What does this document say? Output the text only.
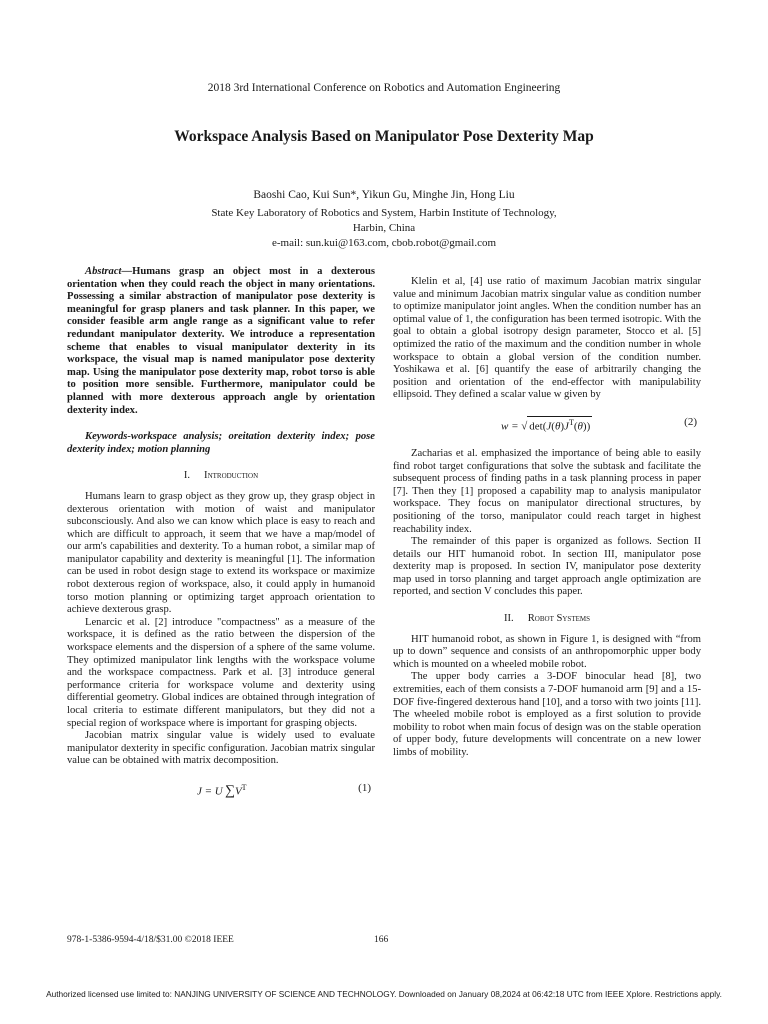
2018 3rd International Conference on Robotics and Automation Engineering
Workspace Analysis Based on Manipulator Pose Dexterity Map
Baoshi Cao, Kui Sun*, Yikun Gu, Minghe Jin, Hong Liu
State Key Laboratory of Robotics and System, Harbin Institute of Technology,
Harbin, China
e-mail: sun.kui@163.com, cbob.robot@gmail.com

Abstract—Humans grasp an object most in a dexterous orientation when they could reach the object in many orientations. Possessing a similar abstraction of manipulator pose dexterity is meaningful for grasp planers and task planner. In this paper, we consider feasible arm angle range as a significant value to refer redundant manipulator dexterity. We introduce a representation scheme that enables to visual manipulator dexterity in its workspace, the visual map is named manipulator pose dexterity map. Using the manipulator pose dexterity map, robot torso is able to position more sensible. Furthermore, manipulator could be planned with more dexterous approach angle by orientation dexterity index.

Keywords-workspace analysis; oreitation dexterity index; pose dexterity index; motion planning

I. Introduction

Humans learn to grasp object as they grow up, they grasp object in dexterous orientation with motion of waist and manipulator subconsciously. And also we can know which place is easy to reach and which are difficult to approach, it seem that we have a map/model of our arm's capabilities and dexterity. To a human robot, a similar map of manipulator capability and dexterity is meaningful [1]. The information can be used in robot design stage to extend its workspace or maximize robot dexterous region of workspace, also, it could apply in humanoid torso motion planning or optimizing target approach orientation to achieve dexterous grasp.

Lenarcic et al. [2] introduce "compactness" as a measure of the workspace, it is defined as the ratio between the dispersion of the workspace elements and the dispersion of a sphere of the same volume. They optimized manipulator link lengths with the workspace volume and the workspace compactness. Park et al. [3] introduce general performance criteria for workspace volume and dexterity using differential geometry. Global indices are obtained through integration of local criteria to estimate different manipulators, but they did not a special region of workspace where is important for grasping objects.

Jacobian matrix singular value is widely used to evaluate manipulator dexterity in specific configuration. Jacobian matrix singular value can be obtained with matrix decomposition.

J = U $\sum V^T$	(1)

Klelin et al, [4] use ratio of maximum Jacobian matrix singular value and minimum Jacobian matrix singular value as condition number to optimize manipulator joint angles. When the condition number has an optimal value of 1, the configuration has been termed isotropic. With the goal to obtain a global isotropy design parameter, Stocco et al. [5] optimized the ratio of the maximum and the condition number in whole workspace to obtain a global version of the condition number. Yoshikawa et al. [6] quantify the ease of arbitrarily changing the position and orientation of the end-effector with manipulability ellipsoid. They defined a scalar value w given by

w = √ $\det(J(\theta)J^T(\theta))$	(2)

Zacharias et al. emphasized the importance of being able to easily find robot target configurations that solve the subtask and facilitate the subsequent process of finding paths in a task planning process in paper [7]. Then they [1] proposed a capability map to analysis manipulator workspace. They focus on manipulator directional structures, by positioning of the torso, manipulator could reach target in highest reachability index.

The remainder of this paper is organized as follows. Section II details our HIT humanoid robot. In section III, manipulator pose dexterity map is proposed. In section IV, manipulator pose dexterity map used in torso planning and target approach angle optimization are reported, and section V concludes this paper.

II. Robot Systems

HIT humanoid robot, as shown in Figure 1, is designed with “from up to down” sequence and consists of an anthropomorphic upper body which is mounted on a wheeled mobile robot.

The upper body carries a 3-DOF binocular head [8], two extremities, each of them consists a 7-DOF humanoid arm [9] and a 15-DOF five-fingered dexterous hand [10], and a torso with two joints [11]. The wheeled mobile robot is employed as a first solution to provide mobility to robot when main focus of design was on the stable operation of upper body, future developments will concentrate on a new lower limbs of mobility.

978-1-5386-9594-4/18/$31.00 ©2018 IEEE	166
Authorized licensed use limited to: NANJING UNIVERSITY OF SCIENCE AND TECHNOLOGY. Downloaded on January 08,2024 at 06:42:18 UTC from IEEE Xplore. Restrictions apply.
